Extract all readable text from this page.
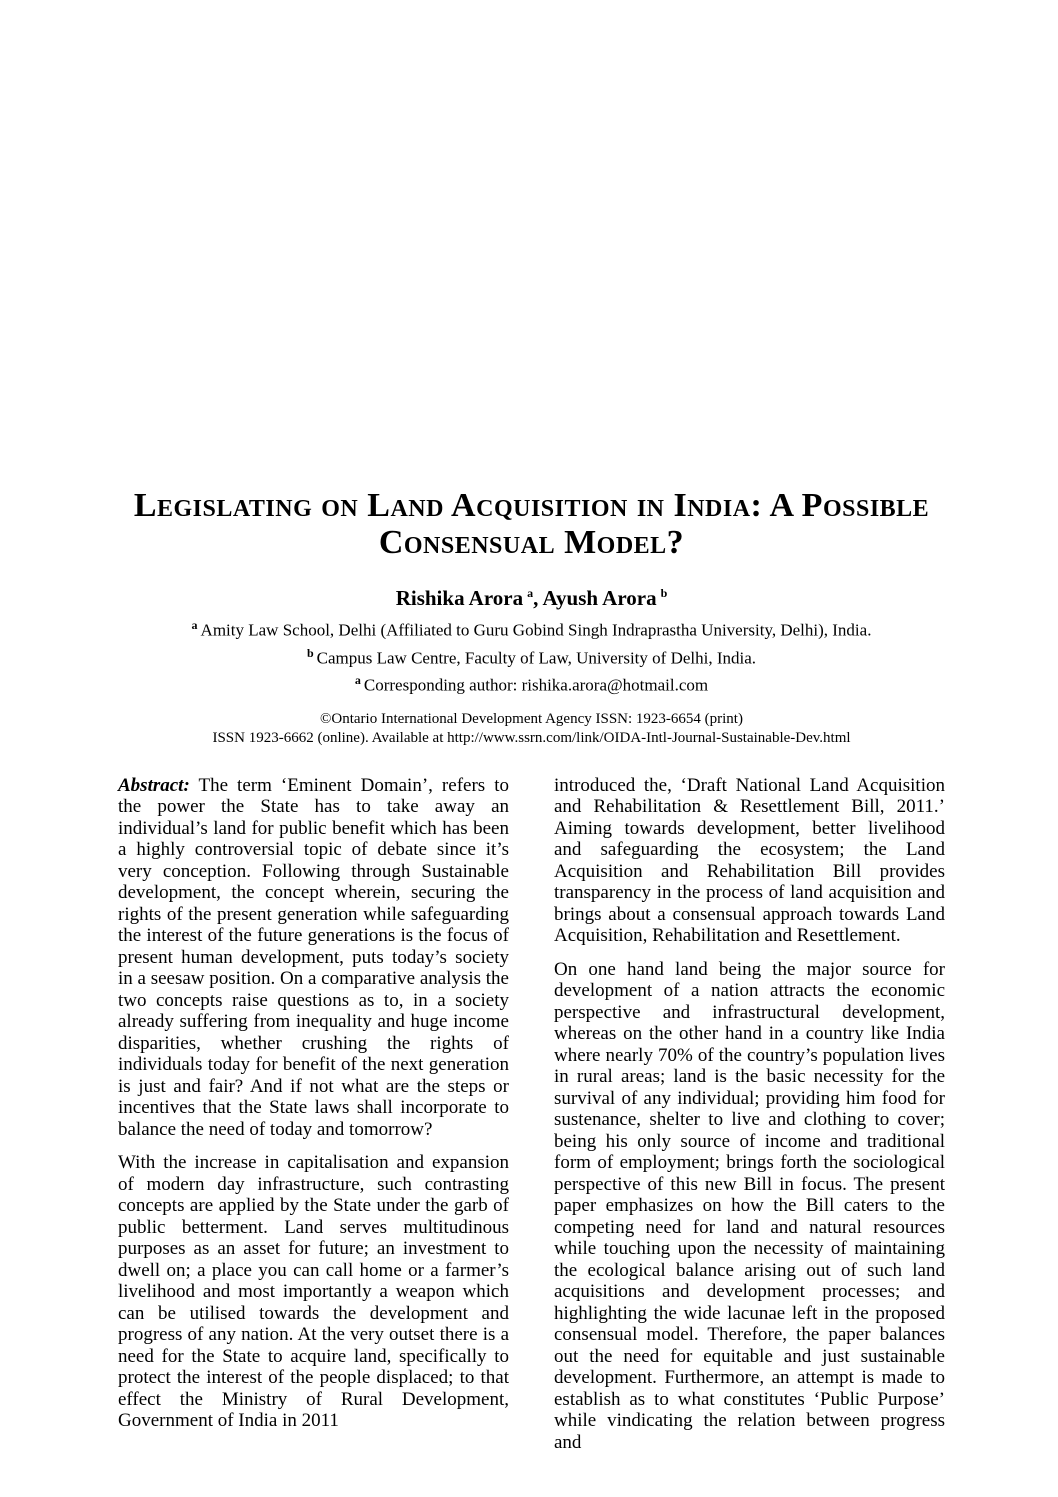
Legislating on Land Acquisition in India: A Possible
Consensual Model?
Rishika Arora $^a$, Ayush Arora $^b$
$^a$ Amity Law School, Delhi (Affiliated to Guru Gobind Singh Indraprastha University, Delhi), India.
$^b$ Campus Law Centre, Faculty of Law, University of Delhi, India.
$^a$ Corresponding author: rishika.arora@hotmail.com
©Ontario International Development Agency ISSN: 1923-6654 (print)
ISSN 1923-6662 (online). Available at http://www.ssrn.com/link/OIDA-Intl-Journal-Sustainable-Dev.html

Abstract: The term ‘Eminent Domain’, refers to the power the State has to take away an individual’s land for public benefit which has been a highly controversial topic of debate since it’s very conception. Following through Sustainable development, the concept wherein, securing the rights of the present generation while safeguarding the interest of the future generations is the focus of present human development, puts today’s society in a seesaw position. On a comparative analysis the two concepts raise questions as to, in a society already suffering from inequality and huge income disparities, whether crushing the rights of individuals today for benefit of the next generation is just and fair? And if not what are the steps or incentives that the State laws shall incorporate to balance the need of today and tomorrow?

With the increase in capitalisation and expansion of modern day infrastructure, such contrasting concepts are applied by the State under the garb of public betterment. Land serves multitudinous purposes as an asset for future; an investment to dwell on; a place you can call home or a farmer’s livelihood and most importantly a weapon which can be utilised towards the development and progress of any nation. At the very outset there is a need for the State to acquire land, specifically to protect the interest of the people displaced; to that effect the Ministry of Rural Development, Government of India in 2011

introduced the, ‘Draft National Land Acquisition and Rehabilitation & Resettlement Bill, 2011.’ Aiming towards development, better livelihood and safeguarding the ecosystem; the Land Acquisition and Rehabilitation Bill provides transparency in the process of land acquisition and brings about a consensual approach towards Land Acquisition, Rehabilitation and Resettlement.

On one hand land being the major source for development of a nation attracts the economic perspective and infrastructural development, whereas on the other hand in a country like India where nearly 70% of the country’s population lives in rural areas; land is the basic necessity for the survival of any individual; providing him food for sustenance, shelter to live and clothing to cover; being his only source of income and traditional form of employment; brings forth the sociological perspective of this new Bill in focus. The present paper emphasizes on how the Bill caters to the competing need for land and natural resources while touching upon the necessity of maintaining the ecological balance arising out of such land acquisitions and development processes; and highlighting the wide lacunae left in the proposed consensual model. Therefore, the paper balances out the need for equitable and just sustainable development. Furthermore, an attempt is made to establish as to what constitutes ‘Public Purpose’ while vindicating the relation between progress and
